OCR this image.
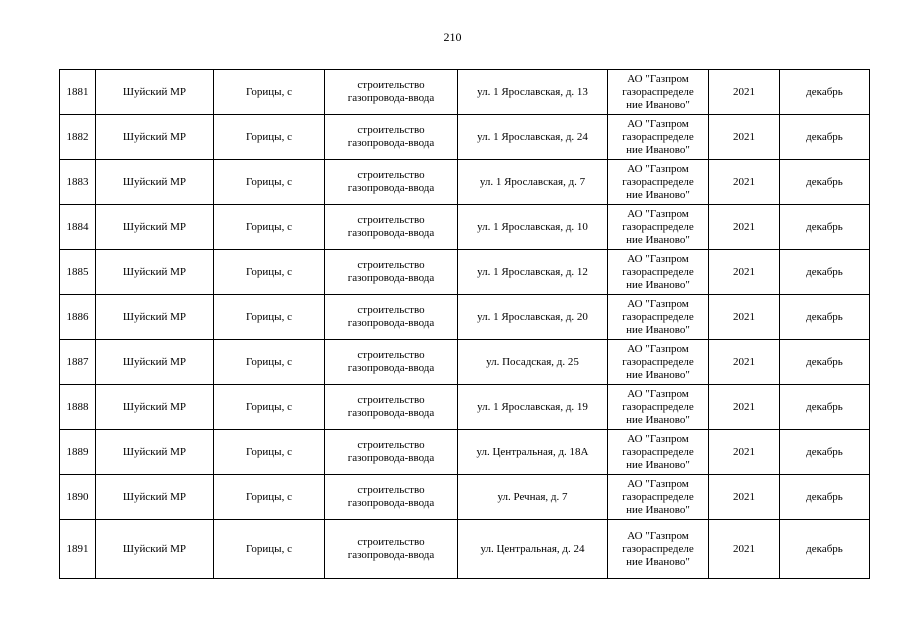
210
1881	Шуйский МР	Горицы, с	строительство
газопровода-ввода	ул. 1 Ярославская, д. 13	АО "Газпром
газораспределе
ние Иваново"	2021	декабрь
1882	Шуйский МР	Горицы, с	строительство
газопровода-ввода	ул. 1 Ярославская, д. 24	АО "Газпром
газораспределе
ние Иваново"	2021	декабрь
1883	Шуйский МР	Горицы, с	строительство
газопровода-ввода	ул. 1 Ярославская, д. 7	АО "Газпром
газораспределе
ние Иваново"	2021	декабрь
1884	Шуйский МР	Горицы, с	строительство
газопровода-ввода	ул. 1 Ярославская, д. 10	АО "Газпром
газораспределе
ние Иваново"	2021	декабрь
1885	Шуйский МР	Горицы, с	строительство
газопровода-ввода	ул. 1 Ярославская, д. 12	АО "Газпром
газораспределе
ние Иваново"	2021	декабрь
1886	Шуйский МР	Горицы, с	строительство
газопровода-ввода	ул. 1 Ярославская, д. 20	АО "Газпром
газораспределе
ние Иваново"	2021	декабрь
1887	Шуйский МР	Горицы, с	строительство
газопровода-ввода	ул. Посадская, д. 25	АО "Газпром
газораспределе
ние Иваново"	2021	декабрь
1888	Шуйский МР	Горицы, с	строительство
газопровода-ввода	ул. 1 Ярославская, д. 19	АО "Газпром
газораспределе
ние Иваново"	2021	декабрь
1889	Шуйский МР	Горицы, с	строительство
газопровода-ввода	ул. Центральная, д. 18А	АО "Газпром
газораспределе
ние Иваново"	2021	декабрь
1890	Шуйский МР	Горицы, с	строительство
газопровода-ввода	ул. Речная, д. 7	АО "Газпром
газораспределе
ние Иваново"	2021	декабрь
1891	Шуйский МР	Горицы, с	строительство
газопровода-ввода	ул. Центральная, д. 24	АО "Газпром
газораспределе
ние Иваново"	2021	декабрь
